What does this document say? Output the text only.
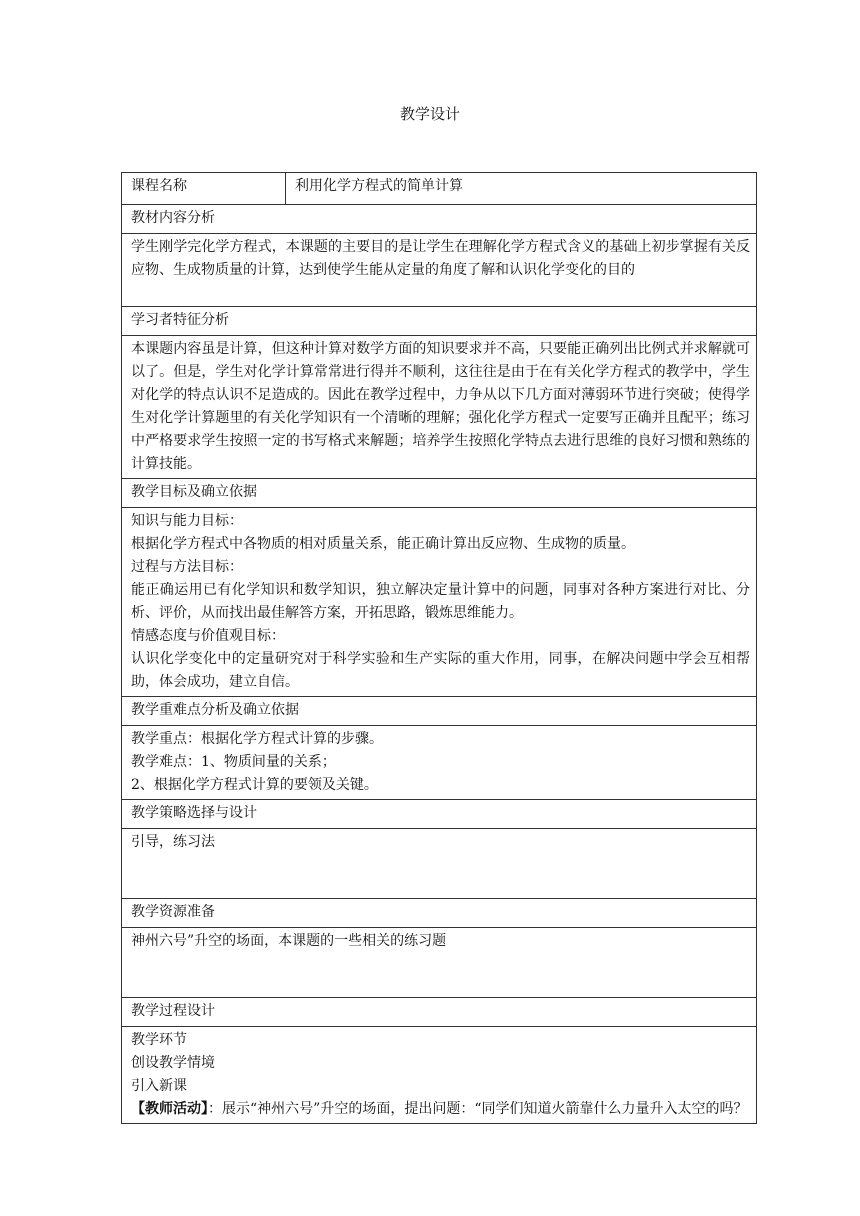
教学设计
课程名称	利用化学方程式的简单计算
教材内容分析
学生刚学完化学方程式，本课题的主要目的是让学生在理解化学方程式含义的基础上初步掌握有关反应物、生成物质量的计算，达到使学生能从定量的角度了解和认识化学变化的目的
学习者特征分析
本课题内容虽是计算，但这种计算对数学方面的知识要求并不高，只要能正确列出比例式并求解就可以了。但是，学生对化学计算常常进行得并不顺利，这往往是由于在有关化学方程式的教学中，学生对化学的特点认识不足造成的。因此在教学过程中，力争从以下几方面对薄弱环节进行突破；使得学生对化学计算题里的有关化学知识有一个清晰的理解；强化化学方程式一定要写正确并且配平；练习中严格要求学生按照一定的书写格式来解题；培养学生按照化学特点去进行思维的良好习惯和熟练的计算技能。
教学目标及确立依据

知识与能力目标：
根据化学方程式中各物质的相对质量关系，能正确计算出反应物、生成物的质量。
过程与方法目标：
能正确运用已有化学知识和数学知识，独立解决定量计算中的问题，同事对各种方案进行对比、分析、评价，从而找出最佳解答方案，开拓思路，锻炼思维能力。
情感态度与价值观目标：
认识化学变化中的定量研究对于科学实验和生产实际的重大作用，同事，在解决问题中学会互相帮助，体会成功，建立自信。

教学重难点分析及确立依据

教学重点：根据化学方程式计算的步骤。
教学难点：1、物质间量的关系；
2、根据化学方程式计算的要领及关键。

教学策略选择与设计
引导，练习法
教学资源准备
神州六号”升空的场面，本课题的一些相关的练习题
教学过程设计

教学环节
创设教学情境
引入新课
【教师活动】：展示“神州六号”升空的场面，提出问题：“同学们知道火箭靠什么力量升入太空的吗？
